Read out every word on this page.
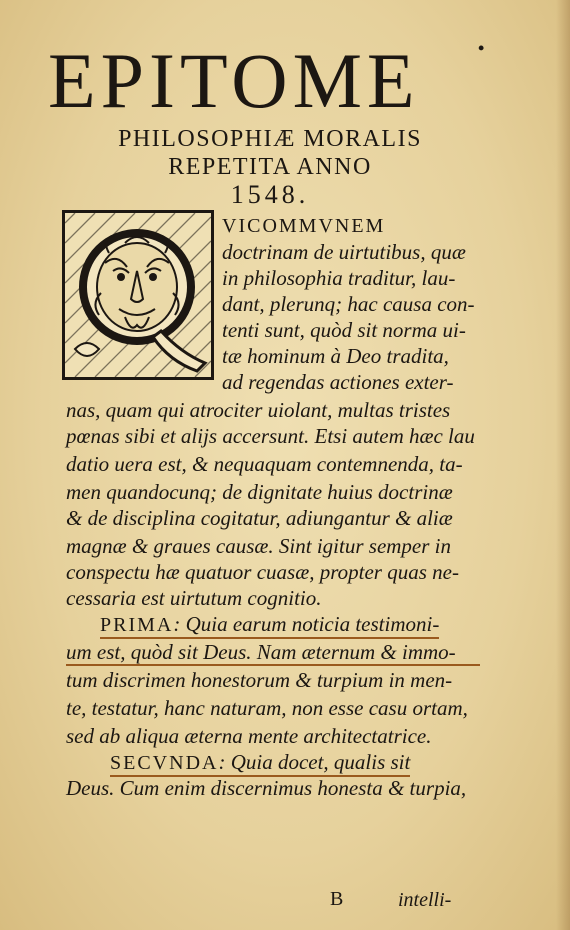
•
EPITOME
PHILOSOPHIÆ MORALIS
REPETITA ANNO
1548.
VICOMMVNEM
doctrinam de uirtutibus, quæ
in philosophia traditur, lau-
dant, plerunq; hac causa con-
tenti sunt, quòd sit norma ui-
tæ hominum à Deo tradita,
ad regendas actiones exter-
nas, quam qui atrociter uiolant, multas tristes
pœnas sibi et alijs accersunt. Etsi autem hæc lau
datio uera est, & nequaquam contemnenda, ta-
men quandocunq; de dignitate huius doctrinæ
& de disciplina cogitatur, adiungantur & aliæ
magnæ & graues causæ. Sint igitur semper in
conspectu hæ quatuor cuasæ, propter quas ne-
cessaria est uirtutum cognitio.
PRIMA: Quia earum noticia testimoni-
um est, quòd sit Deus. Nam æternum & immo-
tum discrimen honestorum & turpium in men-
te, testatur, hanc naturam, non esse casu ortam,
sed ab aliqua æterna mente architectatrice.
SECVNDA: Quia docet, qualis sit
Deus. Cum enim discernimus honesta & turpia,
B	intelli-
